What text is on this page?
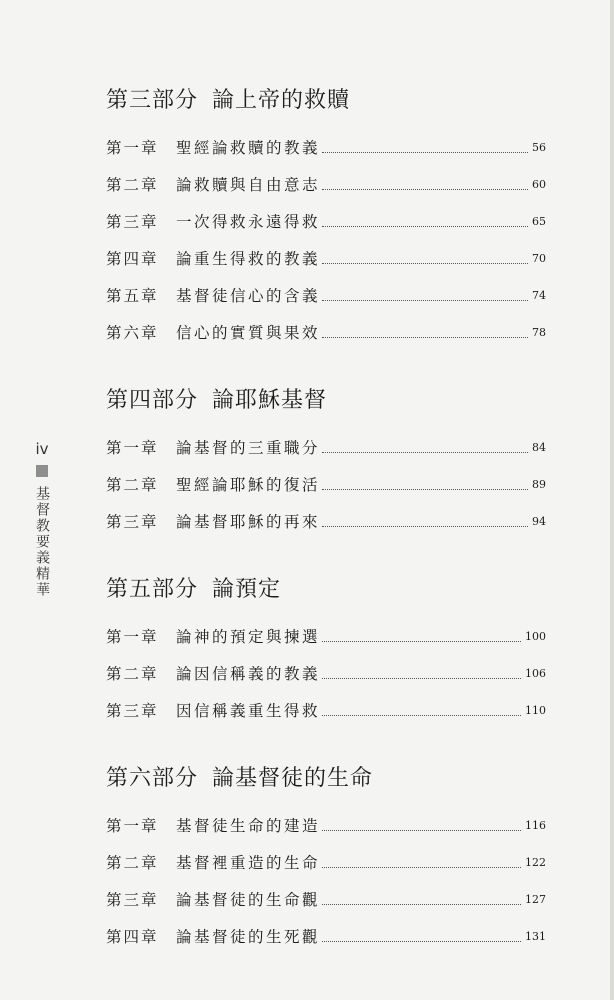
iv
基督教要義精華
第三部分 論上帝的救贖
第一章	聖經論救贖的教義	56
第二章	論救贖與自由意志	60
第三章	一次得救永遠得救	65
第四章	論重生得救的教義	70
第五章	基督徒信心的含義	74
第六章	信心的實質與果效	78
第四部分 論耶穌基督
第一章	論基督的三重職分	84
第二章	聖經論耶穌的復活	89
第三章	論基督耶穌的再來	94
第五部分 論預定
第一章	論神的預定與揀選	100
第二章	論因信稱義的教義	106
第三章	因信稱義重生得救	110
第六部分 論基督徒的生命
第一章	基督徒生命的建造	116
第二章	基督裡重造的生命	122
第三章	論基督徒的生命觀	127
第四章	論基督徒的生死觀	131
